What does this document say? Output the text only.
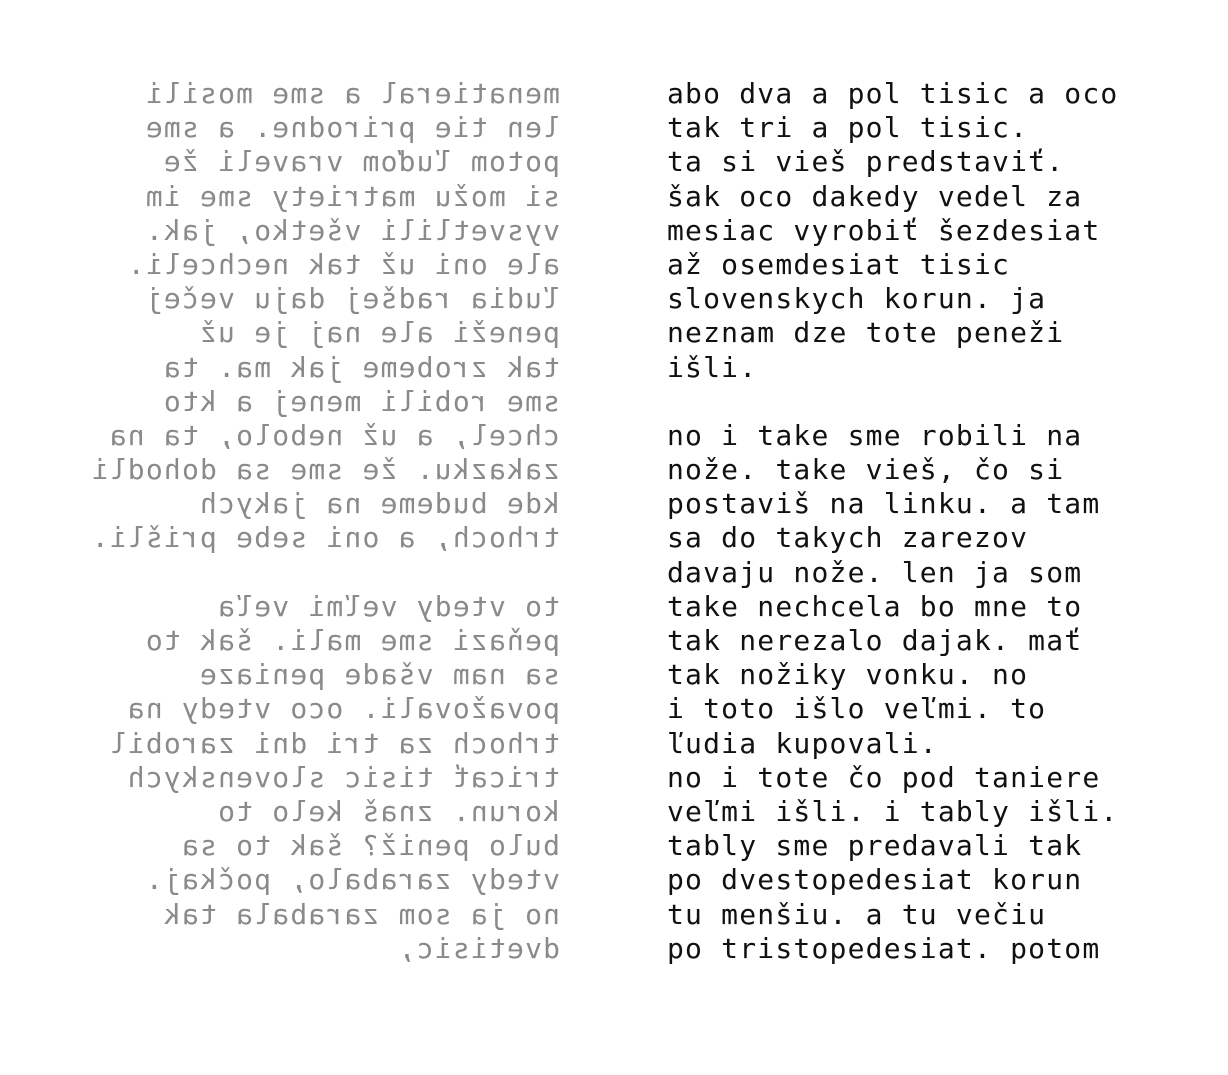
menatieral a sme mosili
len tie prirodne. a sme
potom ľuďom vraveli že
si možu matriety sme im
vysvetlili všetko, jak.
ale oni už tak nechceli.
ľudia radšej daju večej
peneži ale naj je už
tak zrobeme jak ma. ta
sme robili menej a kto
chcel, a už nebolo, ta na
zakazku. že sme sa dohodli
kde budeme na jakych
trhoch, a oni sebe prišli.
to vtedy veľmi veľa
peňazi sme mali. šak to
sa nam všade peniaze
považovali. oco vtedy na
trhoch za tri dni zarobil
tricať tisic slovenskych
korun. znaš kelo to
bulo peniž? šak to sa
vtedy zarabalo, počkaj.
no ja som zarabala tak
dvetisic,
abo dva a pol tisic a oco
tak tri a pol tisic.
ta si vieš predstaviť.
šak oco dakedy vedel za
mesiac vyrobiť šezdesiat
až osemdesiat tisic
slovenskych korun. ja
neznam dze tote peneži
išli.
no i take sme robili na
nože. take vieš, čo si
postaviš na linku. a tam
sa do takych zarezov
davaju nože. len ja som
take nechcela bo mne to
tak nerezalo dajak. mať
tak nožiky vonku. no
i toto išlo veľmi. to
ľudia kupovali.
no i tote čo pod taniere
veľmi išli. i tably išli.
tably sme predavali tak
po dvestopedesiat korun
tu menšiu. a tu večiu
po tristopedesiat. potom
